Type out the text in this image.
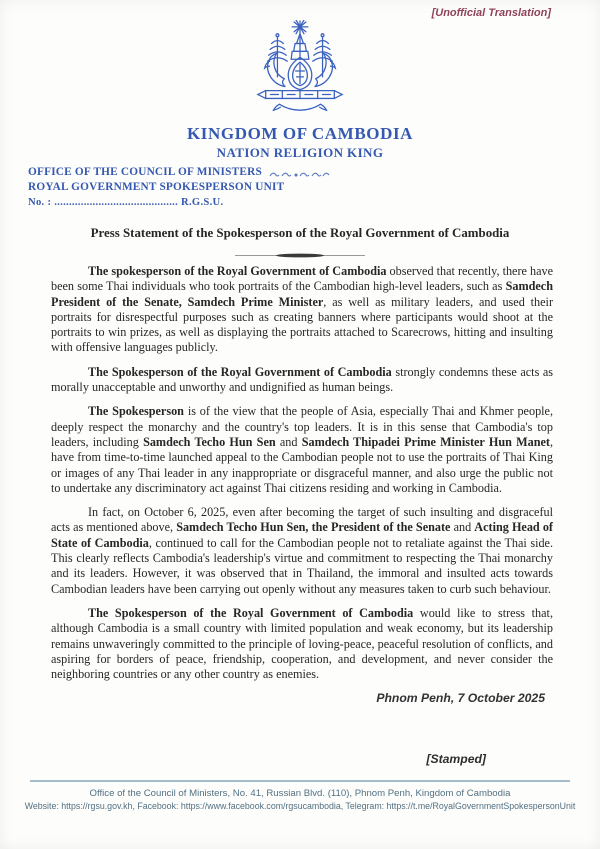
[Unofficial Translation]
KINGDOM OF CAMBODIA
NATION RELIGION KING
OFFICE OF THE COUNCIL OF MINISTERS
ROYAL GOVERNMENT SPOKESPERSON UNIT
No. : .......................................... R.G.S.U.
Press Statement of the Spokesperson of the Royal Government of Cambodia

The spokesperson of the Royal Government of Cambodia observed that recently, there have been some Thai individuals who took portraits of the Cambodian high-level leaders, such as Samdech President of the Senate, Samdech Prime Minister, as well as military leaders, and used their portraits for disrespectful purposes such as creating banners where participants would shoot at the portraits to win prizes, as well as displaying the portraits attached to Scarecrows, hitting and insulting with offensive languages publicly.

The Spokesperson of the Royal Government of Cambodia strongly condemns these acts as morally unacceptable and unworthy and undignified as human beings.

The Spokesperson is of the view that the people of Asia, especially Thai and Khmer people, deeply respect the monarchy and the country's top leaders. It is in this sense that Cambodia's top leaders, including Samdech Techo Hun Sen and Samdech Thipadei Prime Minister Hun Manet, have from time-to-time launched appeal to the Cambodian people not to use the portraits of Thai King or images of any Thai leader in any inappropriate or disgraceful manner, and also urge the public not to undertake any discriminatory act against Thai citizens residing and working in Cambodia.

In fact, on October 6, 2025, even after becoming the target of such insulting and disgraceful acts as mentioned above, Samdech Techo Hun Sen, the President of the Senate and Acting Head of State of Cambodia, continued to call for the Cambodian people not to retaliate against the Thai side. This clearly reflects Cambodia's leadership's virtue and commitment to respecting the Thai monarchy and its leaders. However, it was observed that in Thailand, the immoral and insulted acts towards Cambodian leaders have been carrying out openly without any measures taken to curb such behaviour.

The Spokesperson of the Royal Government of Cambodia would like to stress that, although Cambodia is a small country with limited population and weak economy, but its leadership remains unwaveringly committed to the principle of loving-peace, peaceful resolution of conflicts, and aspiring for borders of peace, friendship, cooperation, and development, and never consider the neighboring countries or any other country as enemies.

Phnom Penh, 7 October 2025
[Stamped]
Office of the Council of Ministers, No. 41, Russian Blvd. (110), Phnom Penh, Kingdom of Cambodia
Website: https://rgsu.gov.kh, Facebook: https://www.facebook.com/rgsucambodia, Telegram: https://t.me/RoyalGovernmentSpokespersonUnit
